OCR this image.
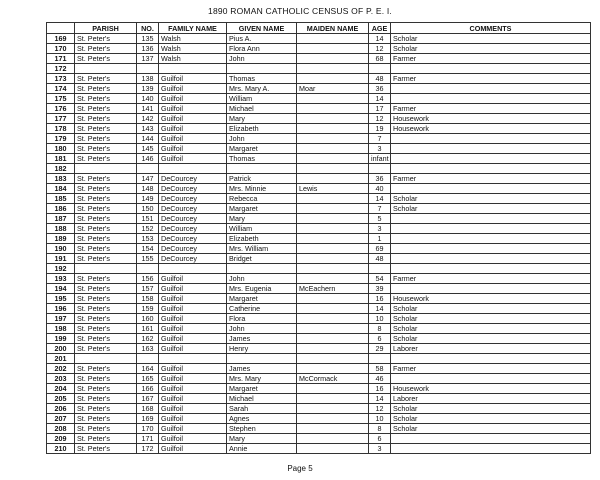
1890 ROMAN CATHOLIC CENSUS OF P. E. I.
	PARISH	NO.	FAMILY NAME	GIVEN NAME	MAIDEN NAME	AGE	COMMENTS
169	St. Peter's	135	Walsh	Pius A.		14	Scholar
170	St. Peter's	136	Walsh	Flora Ann		12	Scholar
171	St. Peter's	137	Walsh	John		68	Farmer
172							
173	St. Peter's	138	Guilfoil	Thomas		48	Farmer
174	St. Peter's	139	Guilfoil	Mrs. Mary A.	Moar	36	
175	St. Peter's	140	Guilfoil	William		14	
176	St. Peter's	141	Guilfoil	Michael		17	Farmer
177	St. Peter's	142	Guilfoil	Mary		12	Housework
178	St. Peter's	143	Guilfoil	Elizabeth		19	Housework
179	St. Peter's	144	Guilfoil	John		7	
180	St. Peter's	145	Guilfoil	Margaret		3	
181	St. Peter's	146	Guilfoil	Thomas		infant	
182							
183	St. Peter's	147	DeCourcey	Patrick		36	Farmer
184	St. Peter's	148	DeCourcey	Mrs. Minnie	Lewis	40	
185	St. Peter's	149	DeCourcey	Rebecca		14	Scholar
186	St. Peter's	150	DeCourcey	Margaret		7	Scholar
187	St. Peter's	151	DeCourcey	Mary		5	
188	St. Peter's	152	DeCourcey	William		3	
189	St. Peter's	153	DeCourcey	Elizabeth		1	
190	St. Peter's	154	DeCourcey	Mrs. William		69	
191	St. Peter's	155	DeCourcey	Bridget		48	
192							
193	St. Peter's	156	Guilfoil	John		54	Farmer
194	St. Peter's	157	Guilfoil	Mrs. Eugenia	McEachern	39	
195	St. Peter's	158	Guilfoil	Margaret		16	Housework
196	St. Peter's	159	Guilfoil	Catherine		14	Scholar
197	St. Peter's	160	Guilfoil	Flora		10	Scholar
198	St. Peter's	161	Guilfoil	John		8	Scholar
199	St. Peter's	162	Guilfoil	James		6	Scholar
200	St. Peter's	163	Guilfoil	Henry		29	Laborer
201							
202	St. Peter's	164	Guilfoil	James		58	Farmer
203	St. Peter's	165	Guilfoil	Mrs. Mary	McCormack	46	
204	St. Peter's	166	Guilfoil	Margaret		16	Housework
205	St. Peter's	167	Guilfoil	Michael		14	Laborer
206	St. Peter's	168	Guilfoil	Sarah		12	Scholar
207	St. Peter's	169	Guilfoil	Agnes		10	Scholar
208	St. Peter's	170	Guilfoil	Stephen		8	Scholar
209	St. Peter's	171	Guilfoil	Mary		6	
210	St. Peter's	172	Guilfoil	Annie		3	
Page 5
